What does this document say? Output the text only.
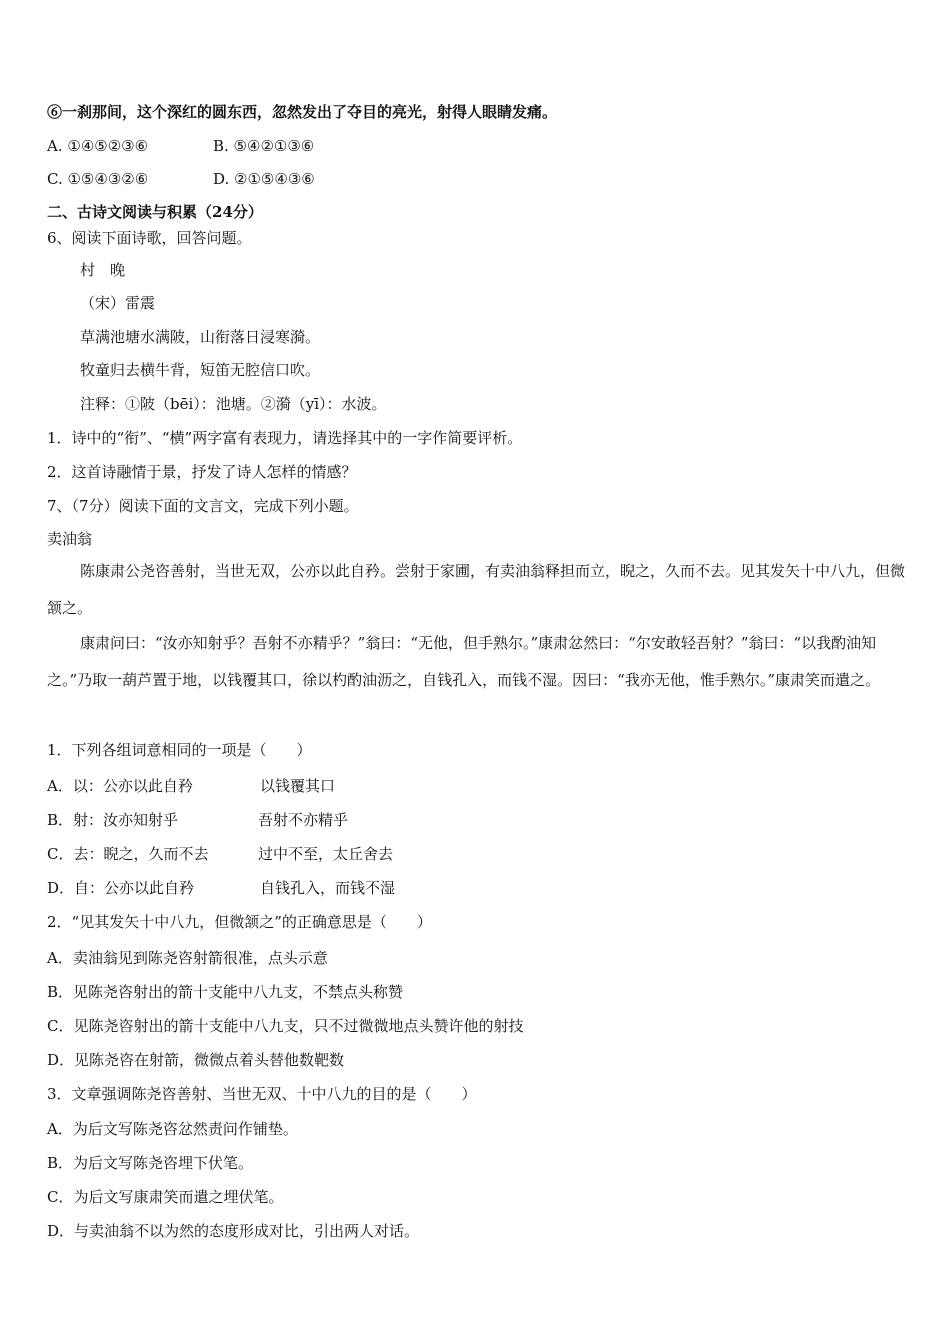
⑥一刹那间，这个深红的圆东西，忽然发出了夺目的亮光，射得人眼睛发痛。
A. ①④⑤②③⑥	B. ⑤④②①③⑥
C. ①⑤④③②⑥	D. ②①⑤④③⑥
二、古诗文阅读与积累（24分）
6、阅读下面诗歌，回答问题。
村　晚
（宋）雷震
草满池塘水满陂，山衔落日浸寒漪。
牧童归去横牛背，短笛无腔信口吹。
注释：①陂（bēi）：池塘。②漪（yī）：水波。
1．诗中的“衔”、“横”两字富有表现力，请选择其中的一字作简要评析。
2．这首诗融情于景，抒发了诗人怎样的情感？
7、（7分）阅读下面的文言文，完成下列小题。
卖油翁
陈康肃公尧咨善射，当世无双，公亦以此自矜。尝射于家圃，有卖油翁释担而立，睨之，久而不去。见其发矢十中八九，但微颔之。
康肃问曰：“汝亦知射乎？吾射不亦精乎？”翁曰：“无他，但手熟尔。”康肃忿然曰：“尔安敢轻吾射？”翁曰：“以我酌油知之。”乃取一葫芦置于地，以钱覆其口，徐以杓酌油沥之，自钱孔入，而钱不湿。因曰：“我亦无他，惟手熟尔。”康肃笑而遣之。
1．下列各组词意相同的一项是（　　）
A．以：公亦以此自矜	以钱覆其口
B．射：汝亦知射乎	吾射不亦精乎
C．去：睨之，久而不去	过中不至，太丘舍去
D．自：公亦以此自矜	自钱孔入，而钱不湿
2．“见其发矢十中八九，但微颔之”的正确意思是（　　）
A．卖油翁见到陈尧咨射箭很准，点头示意
B．见陈尧咨射出的箭十支能中八九支，不禁点头称赞
C．见陈尧咨射出的箭十支能中八九支，只不过微微地点头赞许他的射技
D．见陈尧咨在射箭，微微点着头替他数靶数
3．文章强调陈尧咨善射、当世无双、十中八九的目的是（　　）
A．为后文写陈尧咨忿然责问作铺垫。
B．为后文写陈尧咨埋下伏笔。
C．为后文写康肃笑而遣之埋伏笔。
D．与卖油翁不以为然的态度形成对比，引出两人对话。
